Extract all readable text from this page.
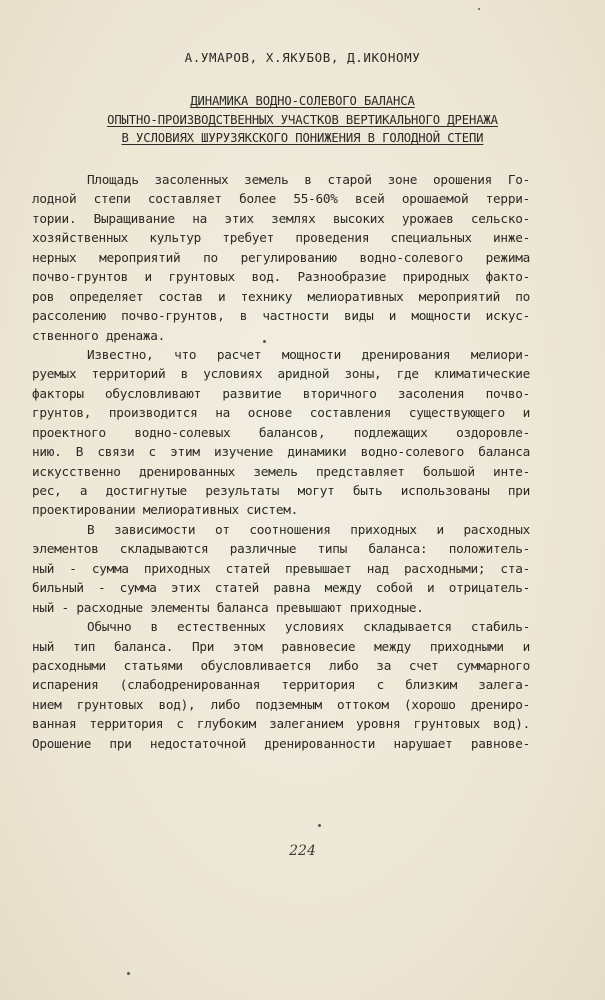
А.УМАРОВ, Х.ЯКУБОВ, Д.ИКОНОМУ
ДИНАМИКА ВОДНО-СОЛЕВОГО БАЛАНСА
ОПЫТНО-ПРОИЗВОДСТВЕННЫХ УЧАСТКОВ ВЕРТИКАЛЬНОГО ДРЕНАЖА
В УСЛОВИЯХ ШУРУЗЯКСКОГО ПОНИЖЕНИЯ В ГОЛОДНОЙ СТЕПИ
Площадь засоленных земель в старой зоне орошения Го-
лодной степи составляет более 55-60% всей орошаемой терри-
тории. Выращивание на этих землях высоких урожаев сельско-
хозяйственных культур требует проведения специальных инже-
нерных мероприятий по регулированию водно-солевого режима
почво-грунтов и грунтовых вод. Разнообразие природных факто-
ров определяет состав и технику мелиоративных мероприятий по
рассолению почво-грунтов, в частности виды и мощности искус-
ственного дренажа.
Известно, что расчет мощности дренирования мелиори-
руемых территорий в условиях аридной зоны, где климатические
факторы обусловливают развитие вторичного засоления почво-
грунтов, производится на основе составления существующего и
проектного водно-солевых балансов, подлежащих оздоровле-
нию. В связи с этим изучение динамики водно-солевого баланса
искусственно дренированных земель представляет большой инте-
рес, а достигнутые результаты могут быть использованы при
проектировании мелиоративных систем.
В зависимости от соотношения приходных и расходных
элементов складываются различные типы баланса: положитель-
ный - сумма приходных статей превышает над расходными; ста-
бильный - сумма этих статей равна между собой и отрицатель-
ный - расходные элементы баланса превышают приходные.
Обычно в естественных условиях складывается стабиль-
ный тип баланса. При этом равновесие между приходными и
расходными статьями обусловливается либо за счет суммарного
испарения (слабодренированная территория с близким залега-
нием грунтовых вод), либо подземным оттоком (хорошо дрениро-
ванная территория с глубоким залеганием уровня грунтовых вод).
Орошение при недостаточной дренированности нарушает равнове-
224
